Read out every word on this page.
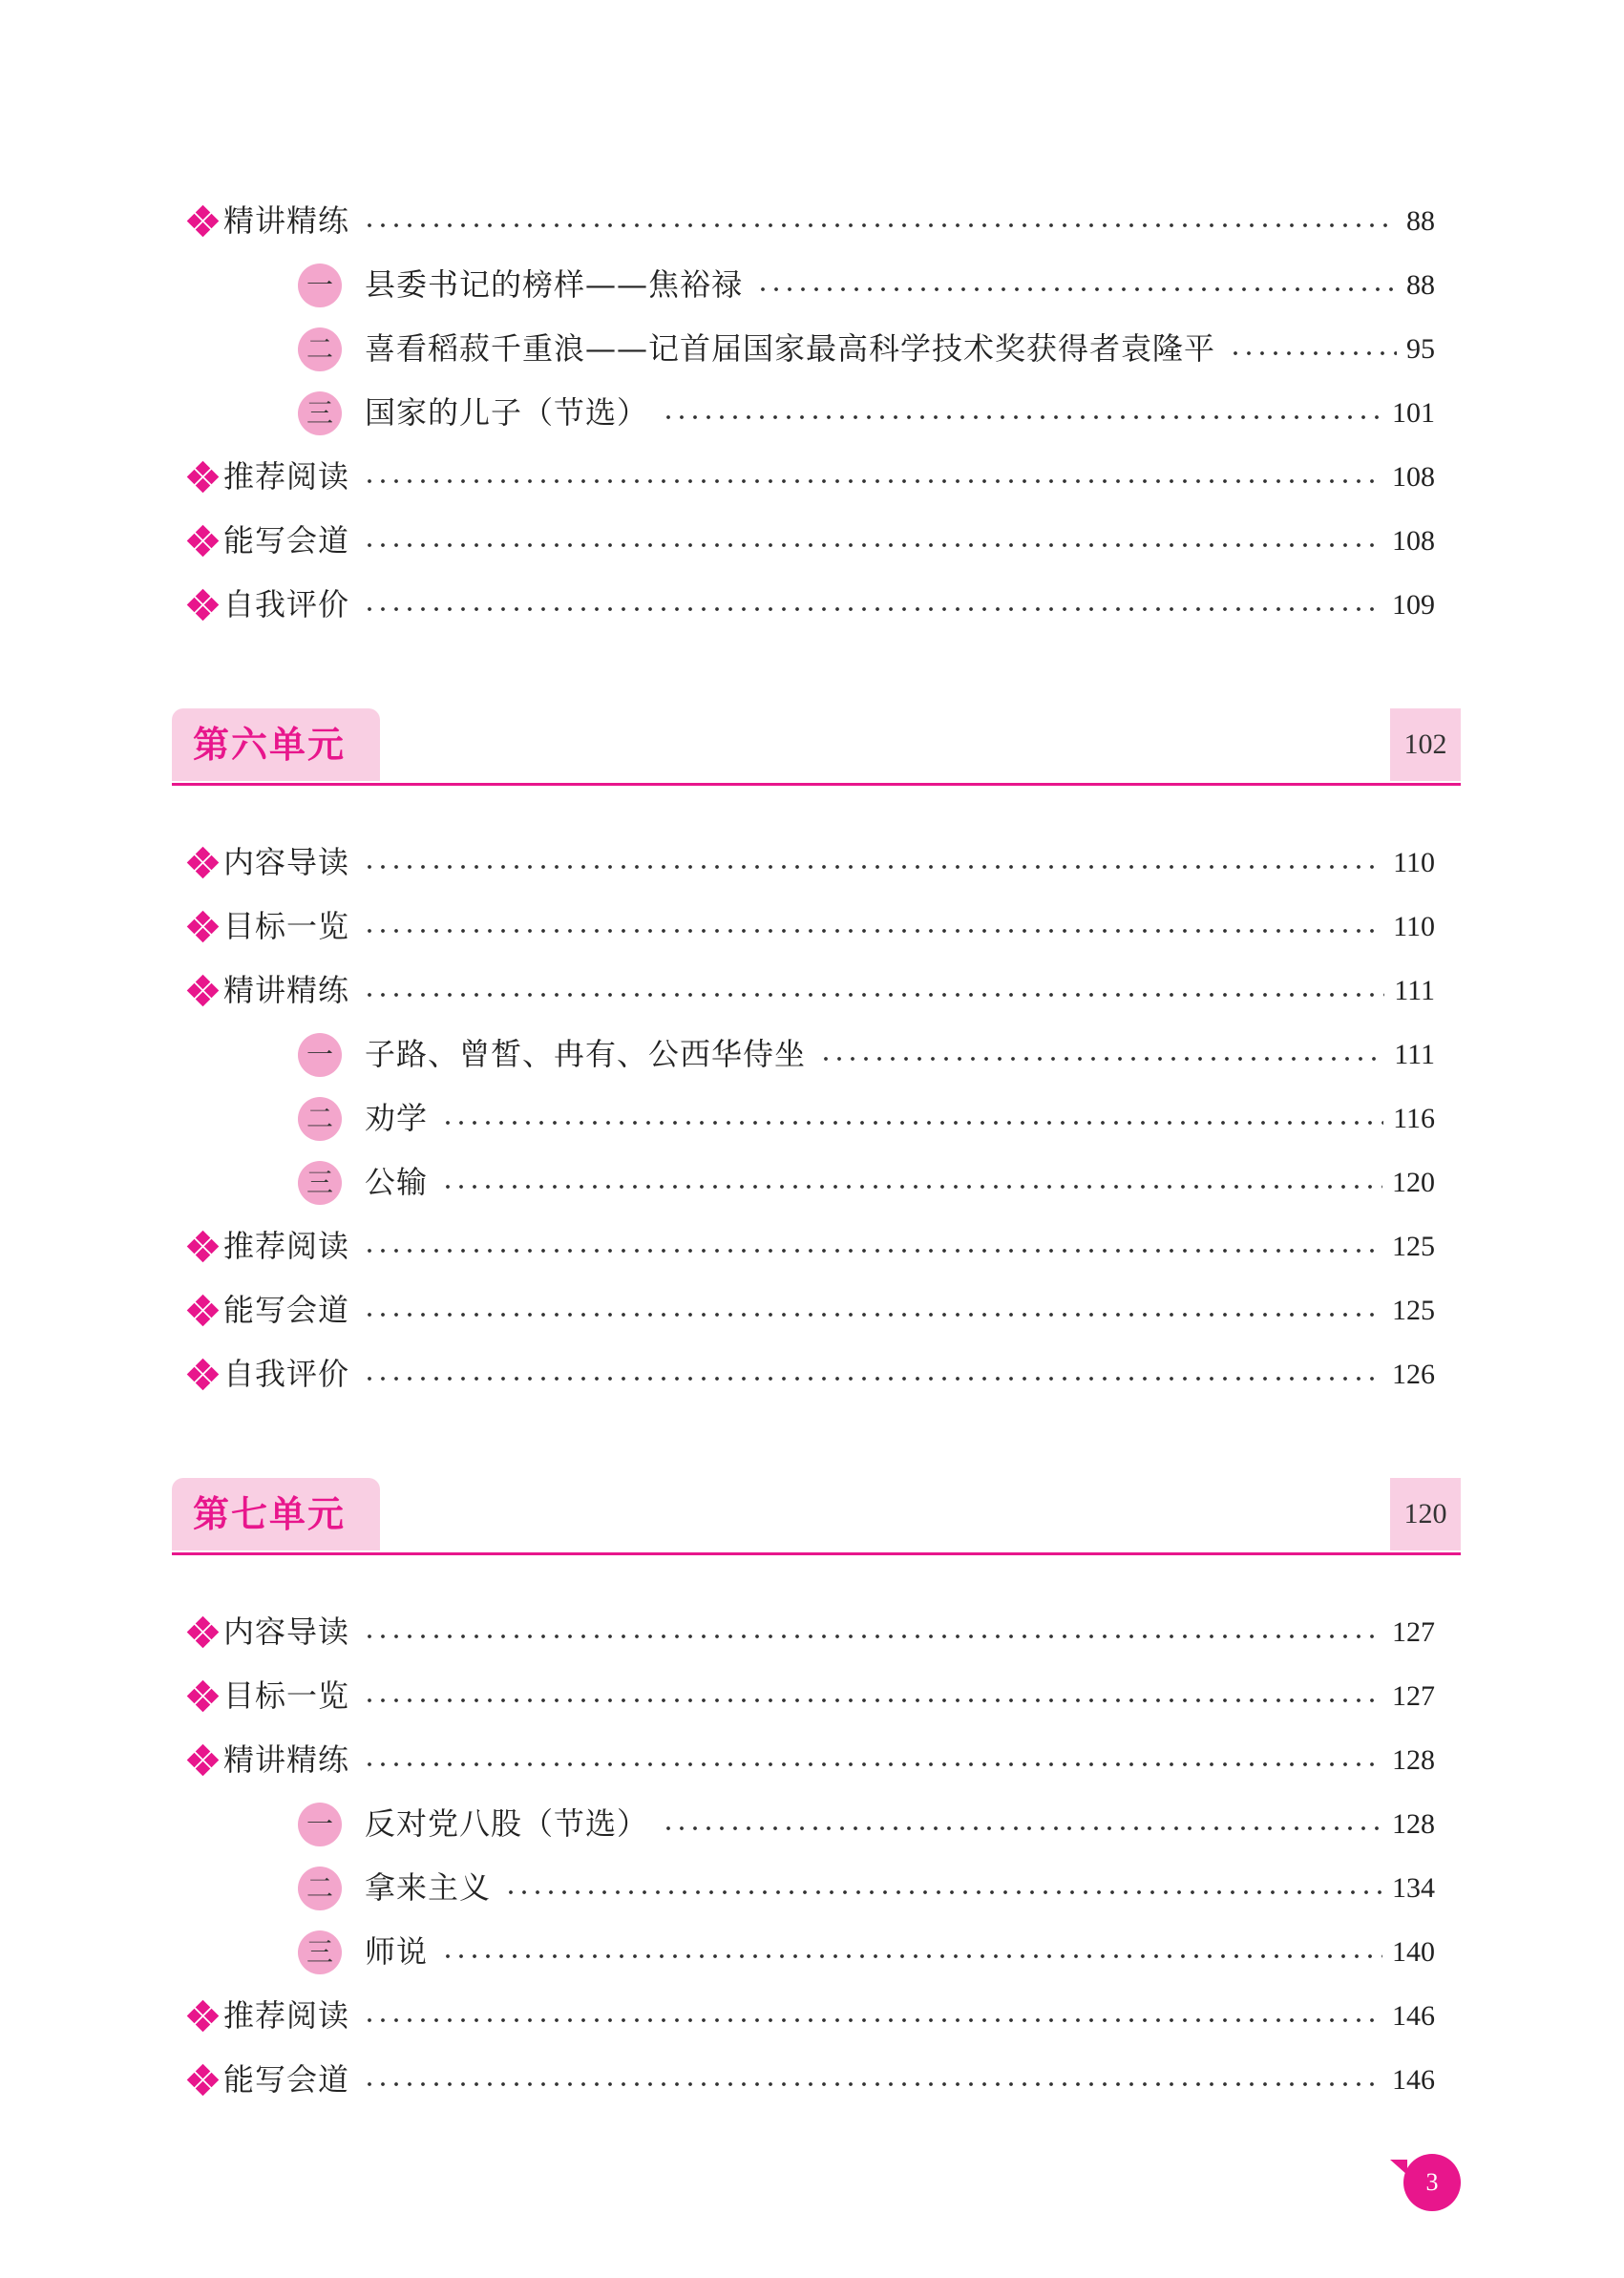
精讲精练	88
一 县委书记的榜样——焦裕禄	88
二 喜看稻菽千重浪——记首届国家最高科学技术奖获得者袁隆平	95
三 国家的儿子（节选）	101
推荐阅读	108
能写会道	108
自我评价	109
第六单元	102
内容导读	110
目标一览	110
精讲精练	111
一 子路、曾皙、冉有、公西华侍坐	111
二 劝学	116
三 公输	120
推荐阅读	125
能写会道	125
自我评价	126
第七单元	120
内容导读	127
目标一览	127
精讲精练	128
一 反对党八股（节选）	128
二 拿来主义	134
三 师说	140
推荐阅读	146
能写会道	146
3
